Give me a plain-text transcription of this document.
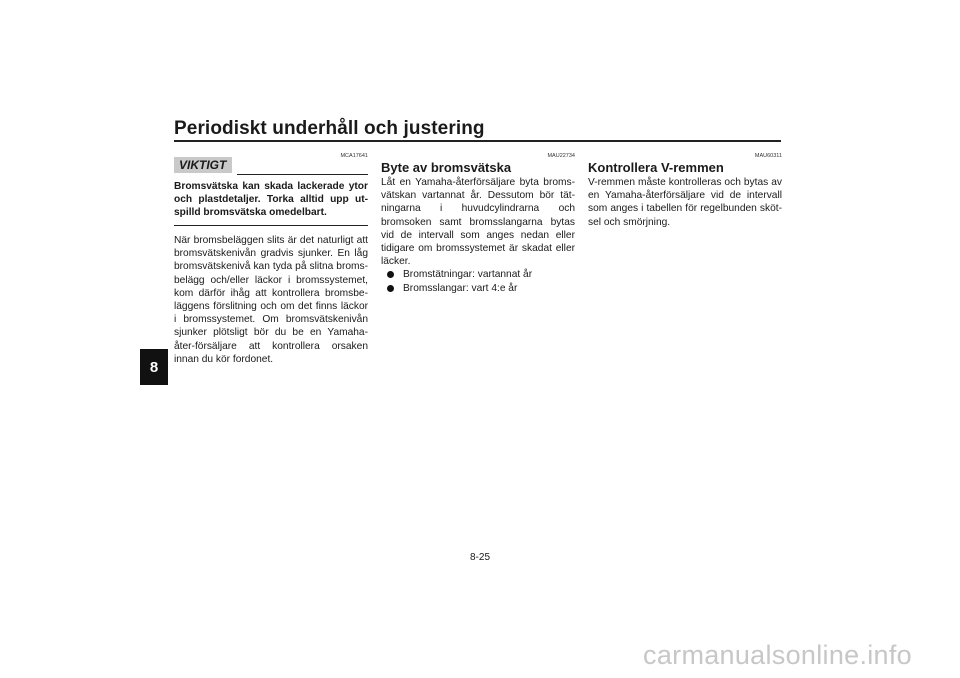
Periodiskt underhåll och justering
8
MCA17641
VIKTIGT

Bromsvätska kan skada lackerade ytor och plastdetaljer. Torka alltid upp ut-spilld bromsvätska omedelbart.

När bromsbeläggen slits är det naturligt att bromsvätskenivån gradvis sjunker. En låg bromsvätskenivå kan tyda på slitna broms-belägg och/eller läckor i bromssystemet, kom därför ihåg att kontrollera bromsbe-läggens förslitning och om det finns läckor i bromssystemet. Om bromsvätskenivån sjunker plötsligt bör du be en Yamaha-åter-försäljare att kontrollera orsaken innan du kör fordonet.

MAU22734
Byte av bromsvätska

Låt en Yamaha-återförsäljare byta broms-vätskan vartannat år. Dessutom bör tät-ningarna i huvudcylindrarna och bromsoken samt bromsslangarna bytas vid de intervall som anges nedan eller tidigare om bromssystemet är skadat eller läcker.

Bromstätningar: vartannat år
Bromsslangar: vart 4:e år
MAU60311
Kontrollera V-remmen

V-remmen måste kontrolleras och bytas av en Yamaha-återförsäljare vid de intervall som anges i tabellen för regelbunden sköt-sel och smörjning.

8-25
carmanualsonline.info
